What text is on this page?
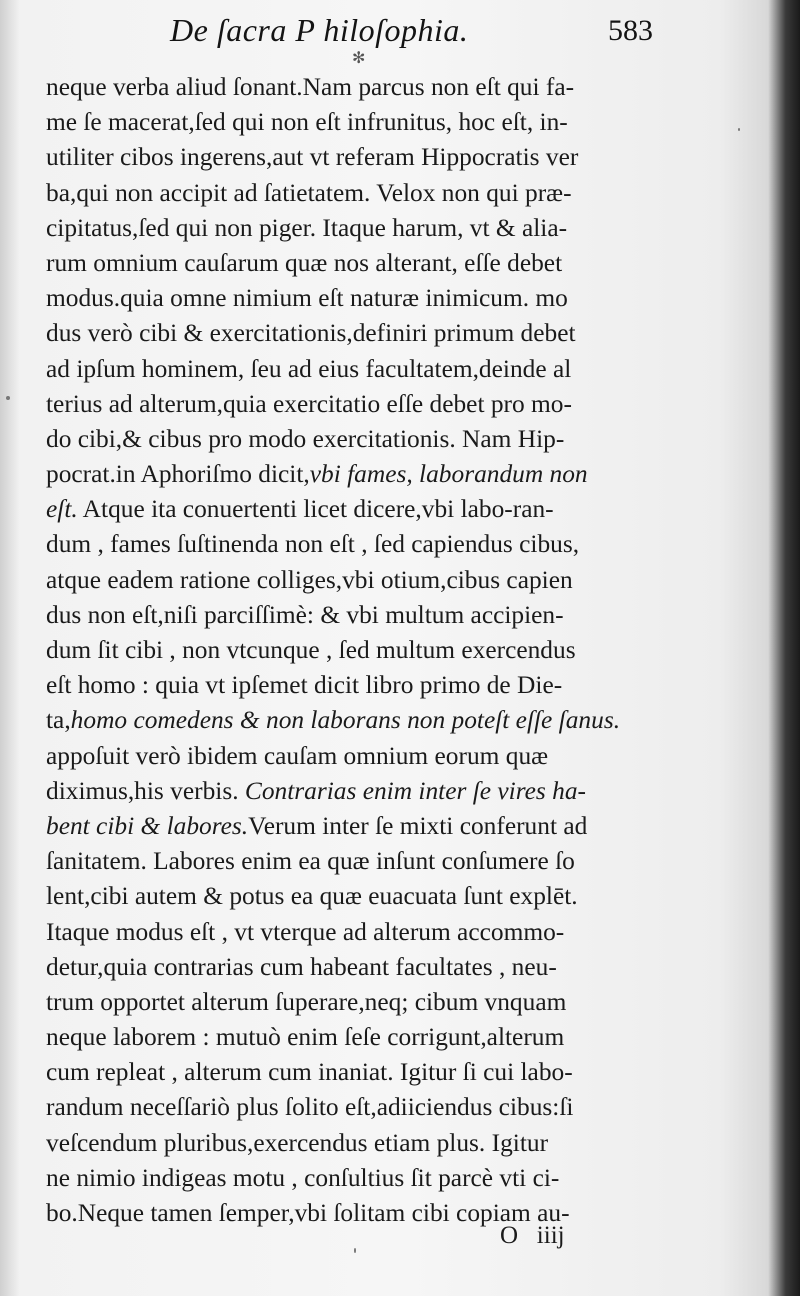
De ſacra P hiloſophia.	583
✻
neque verba aliud ſonant.Nam parcus non eſt qui fa-
me ſe macerat,ſed qui non eſt infrunitus, hoc eſt, in-
utiliter cibos ingerens,aut vt referam Hippocratis ver
ba,qui non accipit ad ſatietatem. Velox non qui præ-
cipitatus,ſed qui non piger. Itaque harum, vt & alia-
rum omnium cauſarum quæ nos alterant, eſſe debet
modus.quia omne nimium eſt naturæ inimicum. mo
dus verò cibi & exercitationis,definiri primum debet
ad ipſum hominem, ſeu ad eius facultatem,deinde al
terius ad alterum,quia exercitatio eſſe debet pro mo-
do cibi,& cibus pro modo exercitationis. Nam Hip-
pocrat.in Aphoriſmo dicit,vbi fames, laborandum non
eſt. Atque ita conuertenti licet dicere,vbi labo-ran-
dum , fames ſuſtinenda non eſt , ſed capiendus cibus,
atque eadem ratione colliges,vbi otium,cibus capien
dus non eſt,niſi parciſſimè: & vbi multum accipien-
dum ſit cibi , non vtcunque , ſed multum exercendus
eſt homo : quia vt ipſemet dicit libro primo de Die-
ta,homo comedens & non laborans non poteſt eſſe ſanus.
appoſuit verò ibidem cauſam omnium eorum quæ
diximus,his verbis. Contrarias enim inter ſe vires ha-
bent cibi & labores.Verum inter ſe mixti conferunt ad
ſanitatem. Labores enim ea quæ inſunt conſumere ſo
lent,cibi autem & potus ea quæ euacuata ſunt explēt.
Itaque modus eſt , vt vterque ad alterum accommo-
detur,quia contrarias cum habeant facultates , neu-
trum opportet alterum ſuperare,neq; cibum vnquam
neque laborem : mutuò enim ſeſe corrigunt,alterum
cum repleat , alterum cum inaniat. Igitur ſi cui labo-
randum neceſſariò plus ſolito eſt,adiiciendus cibus:ſi
veſcendum pluribus,exercendus etiam plus. Igitur
ne nimio indigeas motu , conſultius ſit parcè vti ci-
bo.Neque tamen ſemper,vbi ſolitam cibi copiam au-
O   iiij
